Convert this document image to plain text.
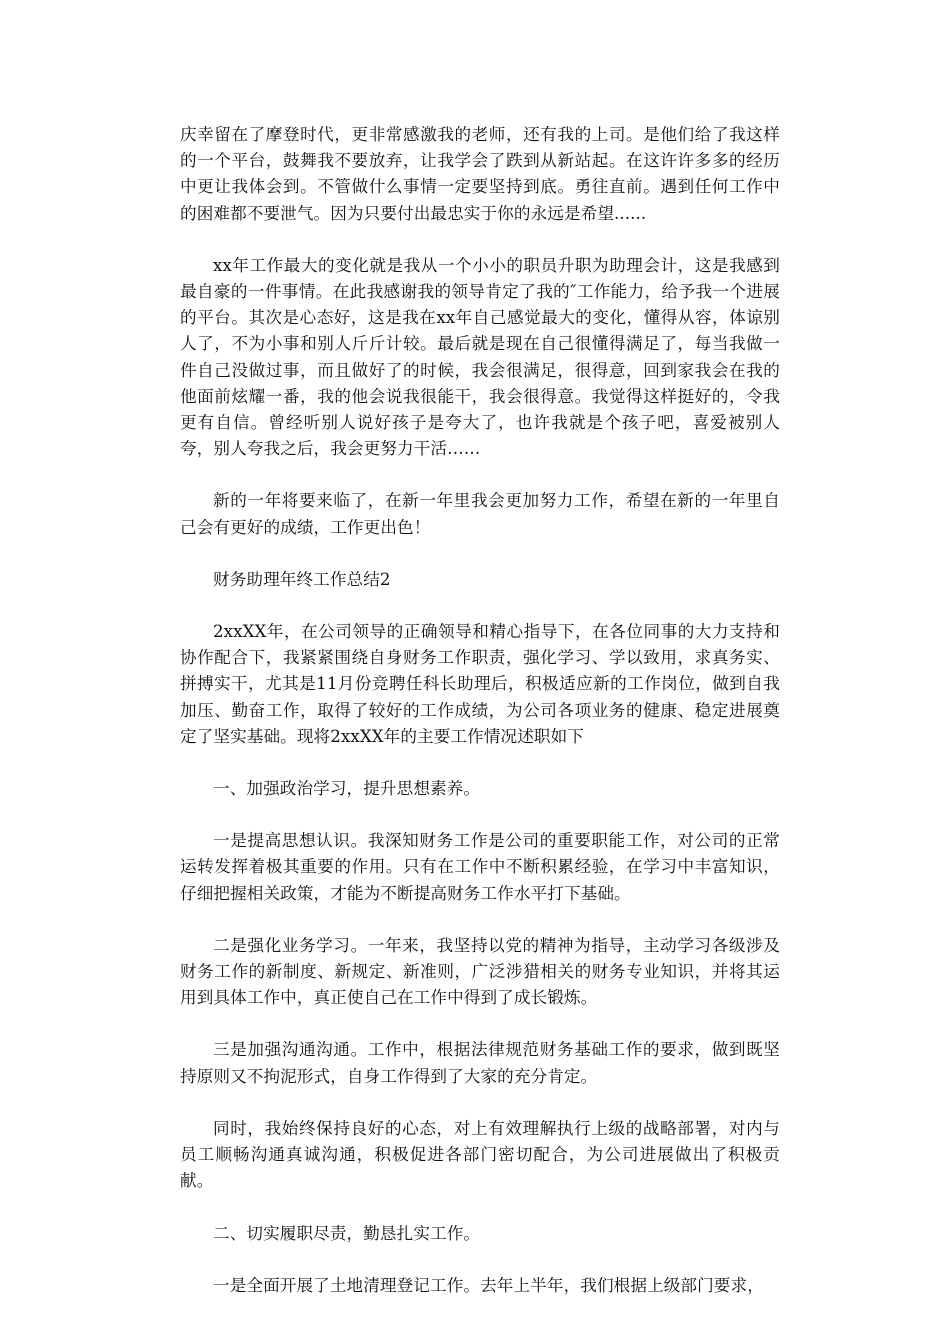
庆幸留在了摩登时代，更非常感激我的老师，还有我的上司。是他们给了我这样的一个平台，鼓舞我不要放弃，让我学会了跌到从新站起。在这许许多多的经历中更让我体会到。不管做什么事情一定要坚持到底。勇往直前。遇到任何工作中的困难都不要泄气。因为只要付出最忠实于你的永远是希望......

xx年工作最大的变化就是我从一个小小的职员升职为助理会计，这是我感到最自豪的一件事情。在此我感谢我的领导肯定了我的″工作能力，给予我一个进展的平台。其次是心态好，这是我在xx年自己感觉最大的变化，懂得从容，体谅别人了，不为小事和别人斤斤计较。最后就是现在自己很懂得满足了，每当我做一件自己没做过事，而且做好了的时候，我会很满足，很得意，回到家我会在我的他面前炫耀一番，我的他会说我很能干，我会很得意。我觉得这样挺好的，令我更有自信。曾经听别人说好孩子是夸大了，也许我就是个孩子吧，喜爱被别人夸，别人夸我之后，我会更努力干活……

新的一年将要来临了，在新一年里我会更加努力工作，希望在新的一年里自己会有更好的成绩，工作更出色！

财务助理年终工作总结2

2xxXX年，在公司领导的正确领导和精心指导下，在各位同事的大力支持和协作配合下，我紧紧围绕自身财务工作职责，强化学习、学以致用，求真务实、拼搏实干，尤其是11月份竞聘任科长助理后，积极适应新的工作岗位，做到自我加压、勤奋工作，取得了较好的工作成绩，为公司各项业务的健康、稳定进展奠定了坚实基础。现将2xxXX年的主要工作情况述职如下

一、加强政治学习，提升思想素养。

一是提高思想认识。我深知财务工作是公司的重要职能工作，对公司的正常运转发挥着极其重要的作用。只有在工作中不断积累经验，在学习中丰富知识，仔细把握相关政策，才能为不断提高财务工作水平打下基础。

二是强化业务学习。一年来，我坚持以党的精神为指导，主动学习各级涉及财务工作的新制度、新规定、新准则，广泛涉猎相关的财务专业知识，并将其运用到具体工作中，真正使自己在工作中得到了成长锻炼。

三是加强沟通沟通。工作中，根据法律规范财务基础工作的要求，做到既坚持原则又不拘泥形式，自身工作得到了大家的充分肯定。

同时，我始终保持良好的心态，对上有效理解执行上级的战略部署，对内与员工顺畅沟通真诚沟通，积极促进各部门密切配合，为公司进展做出了积极贡献。

二、切实履职尽责，勤恳扎实工作。

一是全面开展了土地清理登记工作。去年上半年，我们根据上级部门要求，
